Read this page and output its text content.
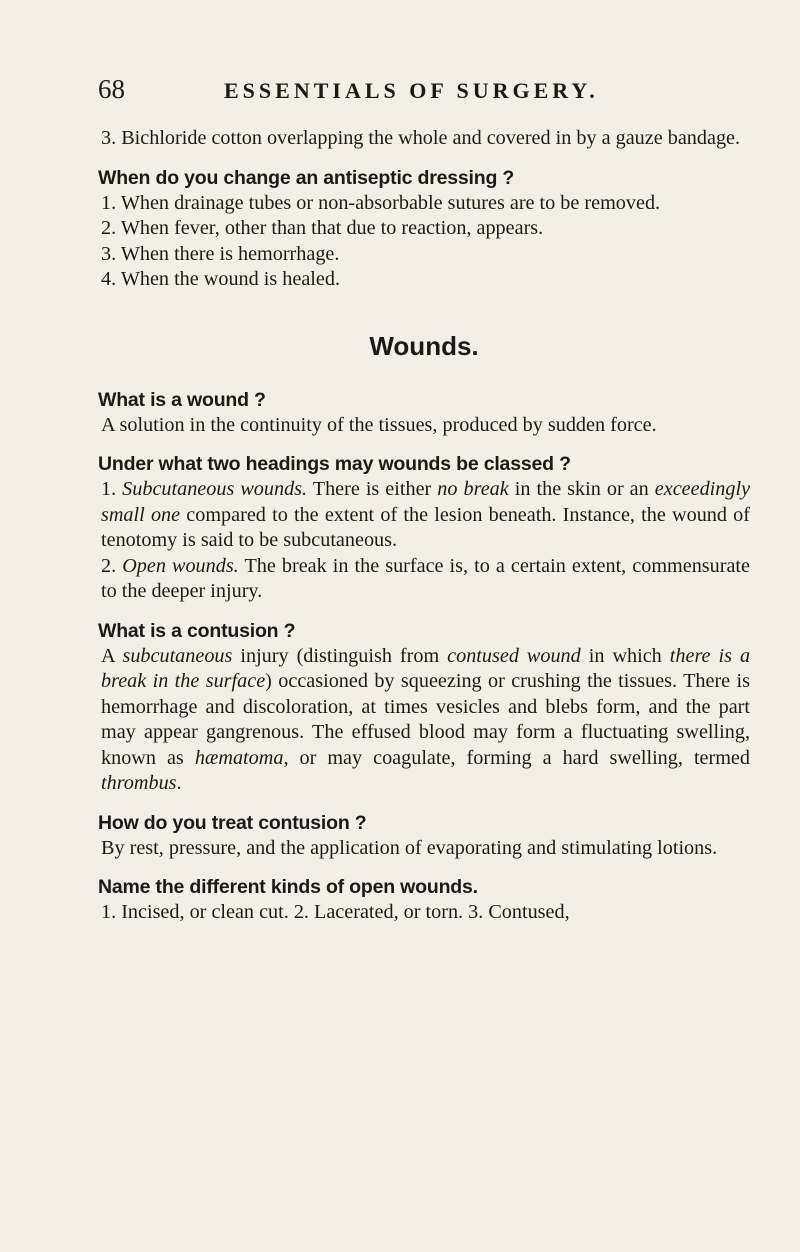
68	ESSENTIALS OF SURGERY.

3. Bichloride cotton overlapping the whole and covered in by a gauze bandage.

When do you change an antiseptic dressing ?

1. When drainage tubes or non-absorbable sutures are to be removed.

2. When fever, other than that due to reaction, appears.

3. When there is hemorrhage.

4. When the wound is healed.

Wounds.

What is a wound ?

A solution in the continuity of the tissues, produced by sudden force.

Under what two headings may wounds be classed ?

1. Subcutaneous wounds. There is either no break in the skin or an exceedingly small one compared to the extent of the lesion beneath. Instance, the wound of tenotomy is said to be subcutaneous.

2. Open wounds. The break in the surface is, to a certain extent, commensurate to the deeper injury.

What is a contusion ?

A subcutaneous injury (distinguish from contused wound in which there is a break in the surface) occasioned by squeezing or crushing the tissues. There is hemorrhage and discoloration, at times vesicles and blebs form, and the part may appear gangrenous. The effused blood may form a fluctuating swelling, known as hæmatoma, or may coagulate, forming a hard swelling, termed thrombus.

How do you treat contusion ?

By rest, pressure, and the application of evaporating and stimulating lotions.

Name the different kinds of open wounds.

1. Incised, or clean cut. 2. Lacerated, or torn. 3. Contused,
